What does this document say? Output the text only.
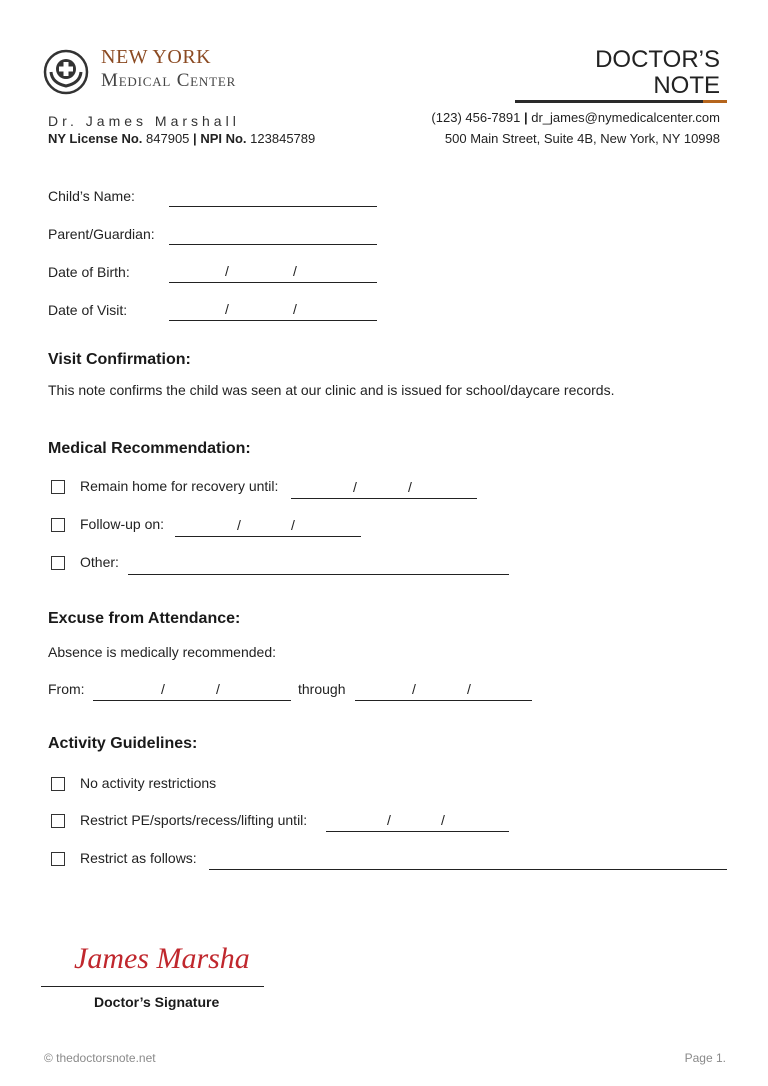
NEW YORK
Medical Center
DOCTOR’S
NOTE
Dr. James Marshall
NY License No. 847905 | NPI No. 123845789
(123) 456-7891 | dr_james@nymedicalcenter.com
500 Main Street, Suite 4B, New York, NY 10998
Child’s Name:
Parent/Guardian:
Date of Birth:	/	/
Date of Visit:	/	/
Visit Confirmation:
This note confirms the child was seen at our clinic and is issued for school/daycare records.
Medical Recommendation:
Remain home for recovery until:	/	/
Follow-up on:	/	/
Other:
Excuse from Attendance:
Absence is medically recommended:
From:	/	/	through	/	/
Activity Guidelines:
No activity restrictions
Restrict PE/sports/recess/lifting until:	/	/
Restrict as follows:
James Marshall
Doctor’s Signature
© thedoctorsnote.net	Page 1.
